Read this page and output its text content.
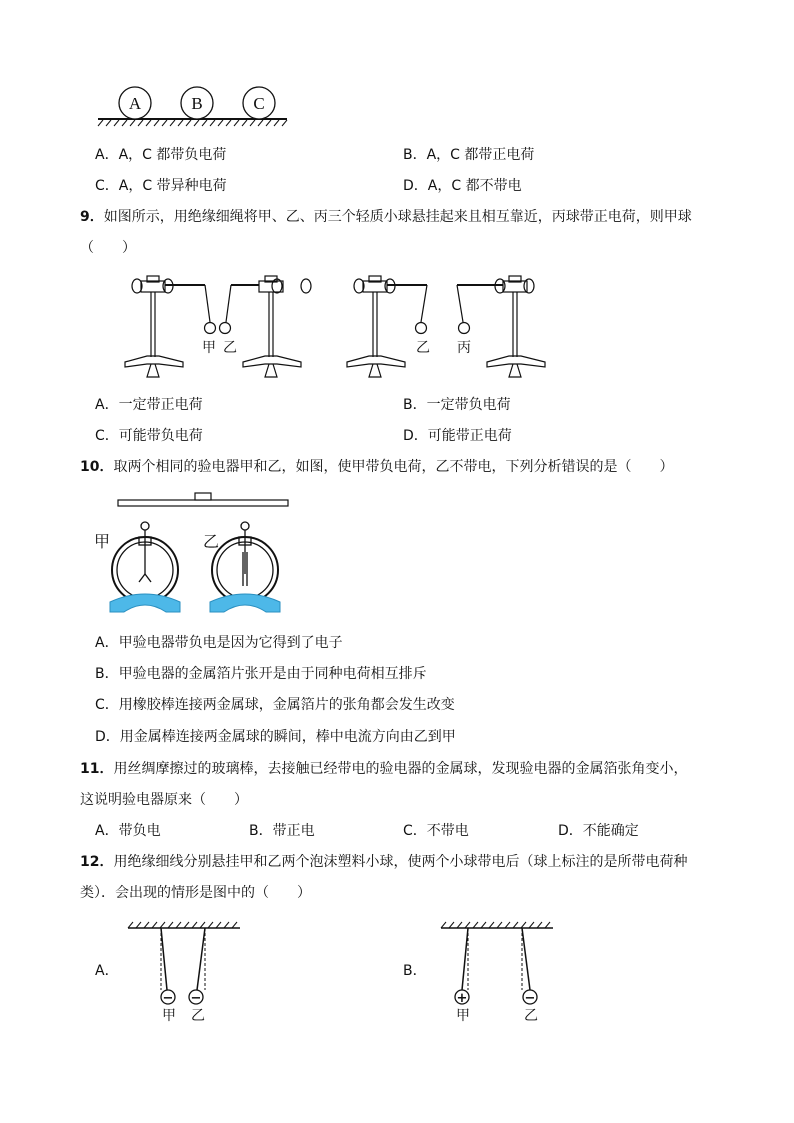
A	B	C
A．A，C 都带负电荷	B．A，C 都带正电荷
C．A，C 带异种电荷	D．A，C 都不带电
9．如图所示，用绝缘细绳将甲、乙、丙三个轻质小球悬挂起来且相互靠近，丙球带正电荷，则甲球
（　　）
甲 乙	乙 丙
A．一定带正电荷	B．一定带负电荷
C．可能带负电荷	D．可能带正电荷
10．取两个相同的验电器甲和乙，如图，使甲带负电荷，乙不带电，下列分析错误的是（　　）
甲	乙
A．甲验电器带负电是因为它得到了电子
B．甲验电器的金属箔片张开是由于同种电荷相互排斥
C．用橡胶棒连接两金属球，金属箔片的张角都会发生改变
D．用金属棒连接两金属球的瞬间，棒中电流方向由乙到甲
11．用丝绸摩擦过的玻璃棒，去接触已经带电的验电器的金属球，发现验电器的金属箔张角变小，
这说明验电器原来（　　）
A．带负电	B．带正电	C．不带电	D．不能确定
12．用绝缘细线分别悬挂甲和乙两个泡沫塑料小球，使两个小球带电后（球上标注的是所带电荷种
类）．会出现的情形是图中的（　　）
A．
− −
甲 乙
B．
+	−
甲	乙
